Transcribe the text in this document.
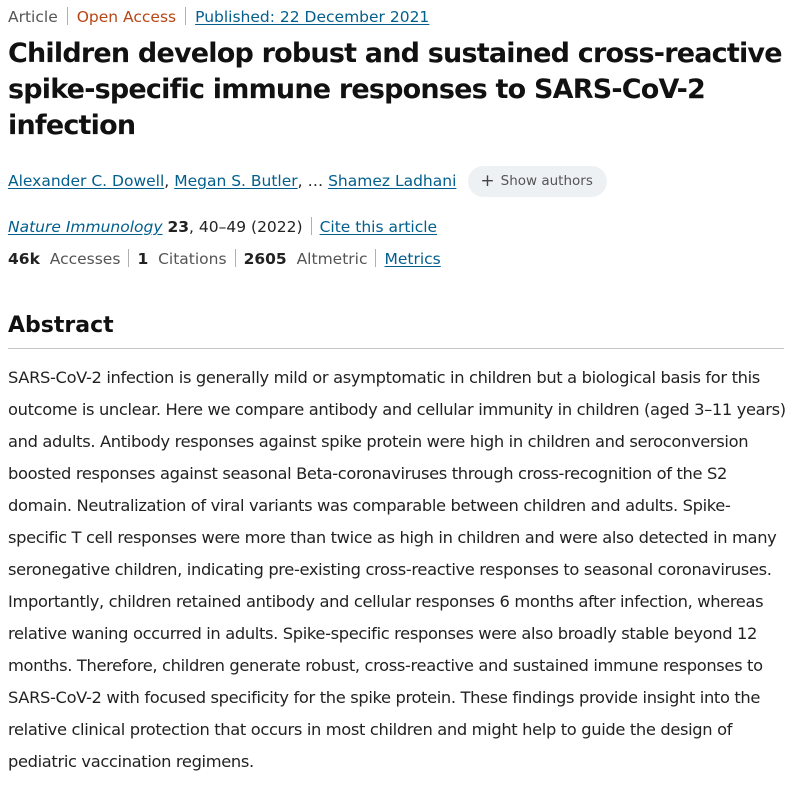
Article Open Access Published: 22 December 2021
Children develop robust and sustained cross-reactive spike-specific immune responses to SARS-CoV-2 infection
Alexander C. Dowell , Megan S. Butler , … Shamez Ladhani + Show authors
Nature Immunology 23, 40–49 (2022) Cite this article
46k Accesses 1 Citations 2605 Altmetric Metrics
Abstract

SARS-CoV-2 infection is generally mild or asymptomatic in children but a biological basis for this outcome is unclear. Here we compare antibody and cellular immunity in children (aged 3–11 years) and adults. Antibody responses against spike protein were high in children and seroconversion boosted responses against seasonal Beta-coronaviruses through cross-recognition of the S2 domain. Neutralization of viral variants was comparable between children and adults. Spike-specific T cell responses were more than twice as high in children and were also detected in many seronegative children, indicating pre-existing cross-reactive responses to seasonal coronaviruses. Importantly, children retained antibody and cellular responses 6 months after infection, whereas relative waning occurred in adults. Spike-specific responses were also broadly stable beyond 12 months. Therefore, children generate robust, cross-reactive and sustained immune responses to SARS-CoV-2 with focused specificity for the spike protein. These findings provide insight into the relative clinical protection that occurs in most children and might help to guide the design of pediatric vaccination regimens.
